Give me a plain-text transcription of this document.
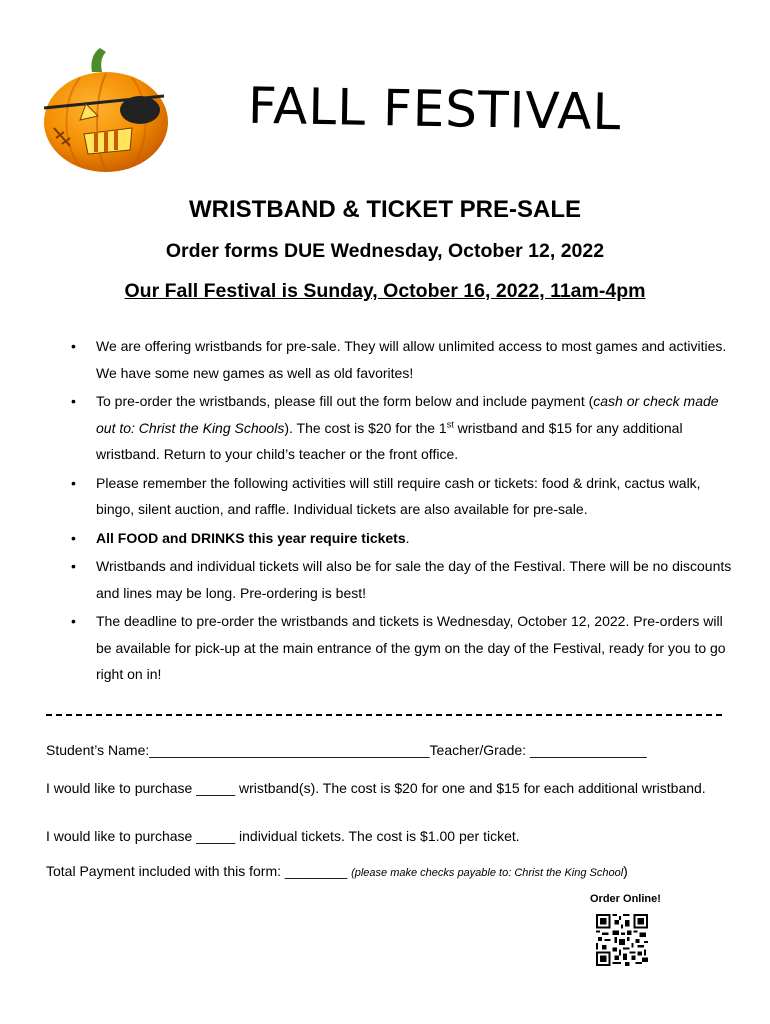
FALL FESTIVAL
WRISTBAND & TICKET PRE-SALE
Order forms DUE Wednesday, October 12, 2022
Our Fall Festival is Sunday, October 16, 2022, 11am-4pm
• We are offering wristbands for pre-sale. They will allow unlimited access to most games and activities. We have some new games as well as old favorites!
• To pre-order the wristbands, please fill out the form below and include payment (cash or check made out to: Christ the King Schools). The cost is $20 for the 1st wristband and $15 for any additional wristband. Return to your child’s teacher or the front office.
• Please remember the following activities will still require cash or tickets: food & drink, cactus walk, bingo, silent auction, and raffle. Individual tickets are also available for pre-sale.
• All FOOD and DRINKS this year require tickets.
• Wristbands and individual tickets will also be for sale the day of the Festival. There will be no discounts and lines may be long. Pre-ordering is best!
• The deadline to pre-order the wristbands and tickets is Wednesday, October 12, 2022. Pre-orders will be available for pick-up at the main entrance of the gym on the day of the Festival, ready for you to go right on in!
Student’s Name:____________________________________Teacher/Grade: _______________
I would like to purchase _____ wristband(s). The cost is $20 for one and $15 for each additional wristband.
I would like to purchase _____ individual tickets. The cost is $1.00 per ticket.
Total Payment included with this form: ________ (please make checks payable to: Christ the King School)
Order Online!
